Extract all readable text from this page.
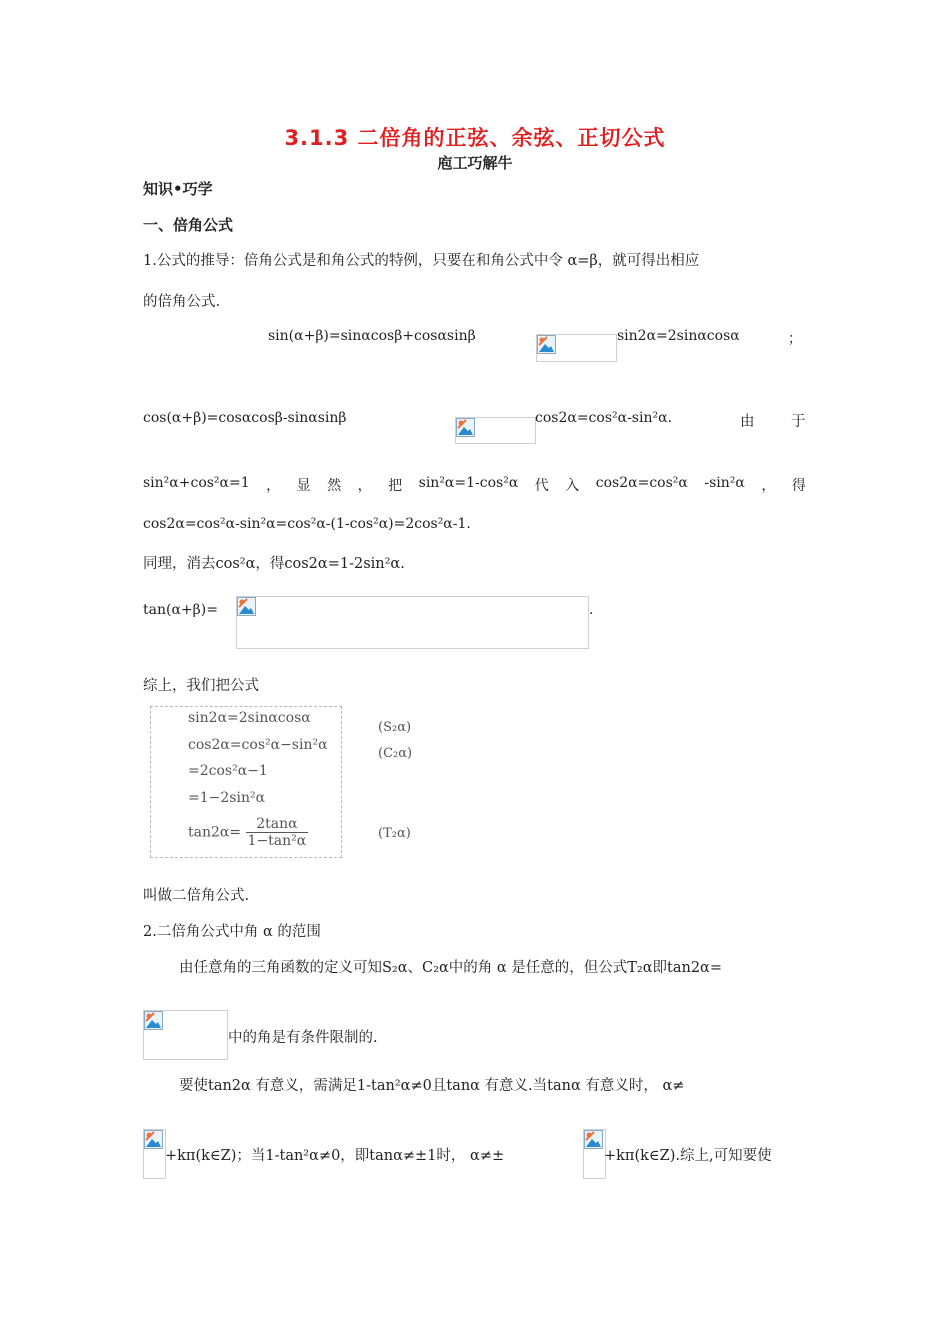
3.1.3 二倍角的正弦、余弦、正切公式
庖工巧解牛
知识•巧学
一、倍角公式
1.公式的推导：倍角公式是和角公式的特例，只要在和角公式中令 α=β，就可得出相应
的倍角公式.
sin(α+β)=sinαcosβ+cosαsinβ	sin2α=2sinαcosα	；
cos(α+β)=cosαcosβ-sinαsinβ	cos2α=cos²α-sin²α.	由	于
sin²α+cos²α=1 ， 显 然 ， 把 sin²α=1-cos²α 代 入 cos2α=cos²α -sin²α ， 得
cos2α=cos²α-sin²α=cos²α-(1-cos²α)=2cos²α-1.
同理，消去cos²α，得cos2α=1-2sin²α.
tan(α+β)=	.
综上，我们把公式
sin2α=2sinαcosα
cos2α=cos²α−sin²α
=2cos²α−1
=1−2sin²α
$\tan 2\alpha= \frac{2\tan\alpha}{\text{1−tan²α}}$
(S₂α)
(C₂α)
(T₂α)
叫做二倍角公式.
2.二倍角公式中角 α 的范围
由任意角的三角函数的定义可知S₂α、C₂α中的角 α 是任意的，但公式T₂α即tan2α=
中的角是有条件限制的.
要使tan2α 有意义，需满足1-tan²α≠0且tanα 有意义.当tanα 有意义时， α≠
+kπ(k∈Z)；当1-tan²α≠0，即tanα≠±1时， α≠±	+kπ(k∈Z).综上,可知要使
